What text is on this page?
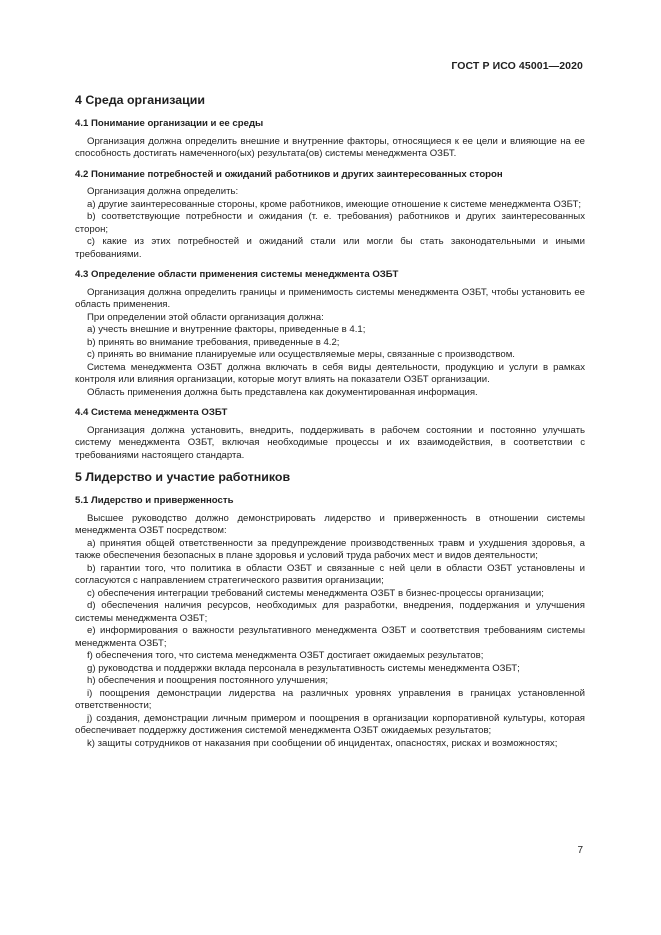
ГОСТ Р ИСО 45001—2020
4 Среда организации
4.1 Понимание организации и ее среды

Организация должна определить внешние и внутренние факторы, относящиеся к ее цели и влияющие на ее способность достигать намеченного(ых) результата(ов) системы менеджмента ОЗБТ.

4.2 Понимание потребностей и ожиданий работников и других заинтересованных сторон

Организация должна определить:

a) другие заинтересованные стороны, кроме работников, имеющие отношение к системе менеджмента ОЗБТ;

b) соответствующие потребности и ожидания (т. е. требования) работников и других заинтересованных сторон;

c) какие из этих потребностей и ожиданий стали или могли бы стать законодательными и иными требованиями.

4.3 Определение области применения системы менеджмента ОЗБТ

Организация должна определить границы и применимость системы менеджмента ОЗБТ, чтобы установить ее область применения.

При определении этой области организация должна:

a) учесть внешние и внутренние факторы, приведенные в 4.1;

b) принять во внимание требования, приведенные в 4.2;

c) принять во внимание планируемые или осуществляемые меры, связанные с производством.

Система менеджмента ОЗБТ должна включать в себя виды деятельности, продукцию и услуги в рамках контроля или влияния организации, которые могут влиять на показатели ОЗБТ организации.

Область применения должна быть представлена как документированная информация.

4.4 Система менеджмента ОЗБТ

Организация должна установить, внедрить, поддерживать в рабочем состоянии и постоянно улучшать систему менеджмента ОЗБТ, включая необходимые процессы и их взаимодействия, в соответствии с требованиями настоящего стандарта.

5 Лидерство и участие работников
5.1 Лидерство и приверженность

Высшее руководство должно демонстрировать лидерство и приверженность в отношении системы менеджмента ОЗБТ посредством:

a) принятия общей ответственности за предупреждение производственных травм и ухудшения здоровья, а также обеспечения безопасных в плане здоровья и условий труда рабочих мест и видов деятельности;

b) гарантии того, что политика в области ОЗБТ и связанные с ней цели в области ОЗБТ установлены и согласуются с направлением стратегического развития организации;

c) обеспечения интеграции требований системы менеджмента ОЗБТ в бизнес-процессы организации;

d) обеспечения наличия ресурсов, необходимых для разработки, внедрения, поддержания и улучшения системы менеджмента ОЗБТ;

e) информирования о важности результативного менеджмента ОЗБТ и соответствия требованиям системы менеджмента ОЗБТ;

f) обеспечения того, что система менеджмента ОЗБТ достигает ожидаемых результатов;

g) руководства и поддержки вклада персонала в результативность системы менеджмента ОЗБТ;

h) обеспечения и поощрения постоянного улучшения;

i) поощрения демонстрации лидерства на различных уровнях управления в границах установленной ответственности;

j) создания, демонстрации личным примером и поощрения в организации корпоративной культуры, которая обеспечивает поддержку достижения системой менеджмента ОЗБТ ожидаемых результатов;

k) защиты сотрудников от наказания при сообщении об инцидентах, опасностях, рисках и возможностях;

7
